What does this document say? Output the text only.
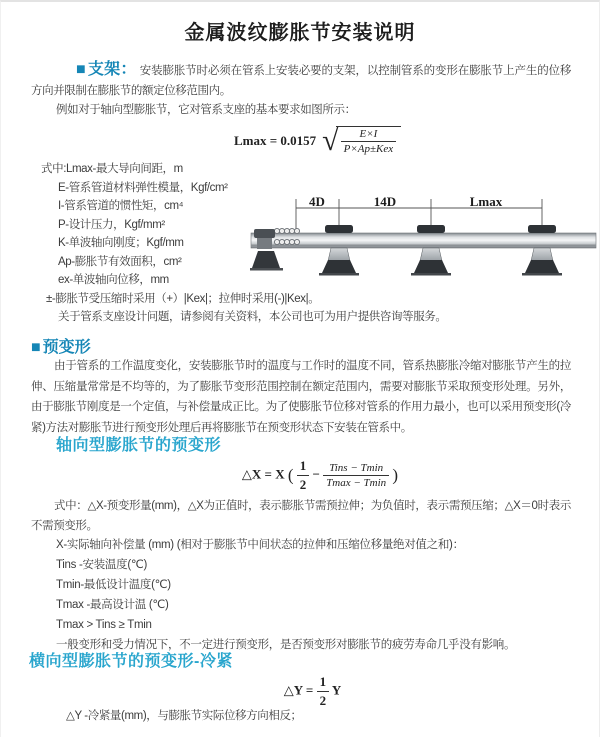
金属波纹膨胀节安装说明
■ 支架： 安装膨胀节时必须在管系上安装必要的支架，以控制管系的变形在膨胀节上产生的位移方向并限制在膨胀节的额定位移范围内。
例如对于轴向型膨胀节，它对管系支座的基本要求如图所示：
Lmax = 0.0157 √ $\frac{E\times I}{\text{P×Ap±Kex}}$
式中:Lmax-最大导向间距，m
E-管系管道材料弹性模量，Kgf/cm²
I-管系管道的惯性矩，cm⁴
P-设计压力，Kgf/mm²
K-单波轴向刚度；Kgf/mm
Ap-膨胀节有效面积，cm²
ex-单波轴向位移，mm
±-膨胀节受压缩时采用（+）|Kex|；拉伸时采用(-)|Kex|。
关于管系支座设计问题，请参阅有关资料，本公司也可为用户提供咨询等服务。
4D	14D	Lmax
■ 预变形
由于管系的工作温度变化，安装膨胀节时的温度与工作时的温度不同，管系热膨胀冷缩对膨胀节产生的拉伸、压缩量常常是不均等的，为了膨胀节变形范围控制在额定范围内，需要对膨胀节采取预变形处理。另外，由于膨胀节刚度是一个定值，与补偿量成正比。为了使膨胀节位移对管系的作用力最小，也可以采用预变形(冷紧)方法对膨胀节进行预变形处理后再将膨胀节在预变形状态下安装在管系中。
轴向型膨胀节的预变形
△X = X ( $\frac{1}{2} - \frac{\text{Tins − Tmin}}{Tmax - Tmin}$ )
式中：△X-预变形量(mm)，△X为正值时，表示膨胀节需预拉伸；为负值时，表示需预压缩；△X＝0时表示不需预变形。
X-实际轴向补偿量 (mm) (相对于膨胀节中间状态的拉伸和压缩位移量绝对值之和)：
Tins -安装温度(℃)
Tmin-最低设计温度(℃)
Tmax -最高设计温 (℃)
Tmax > Tins ≥ Tmin
一般变形和受力情况下，不一定进行预变形，是否预变形对膨胀节的疲劳寿命几乎没有影响。
横向型膨胀节的预变形-冷紧
△Y = $\frac{1}{2}$ Y
△Y -冷紧量(mm)，与膨胀节实际位移方向相反；
